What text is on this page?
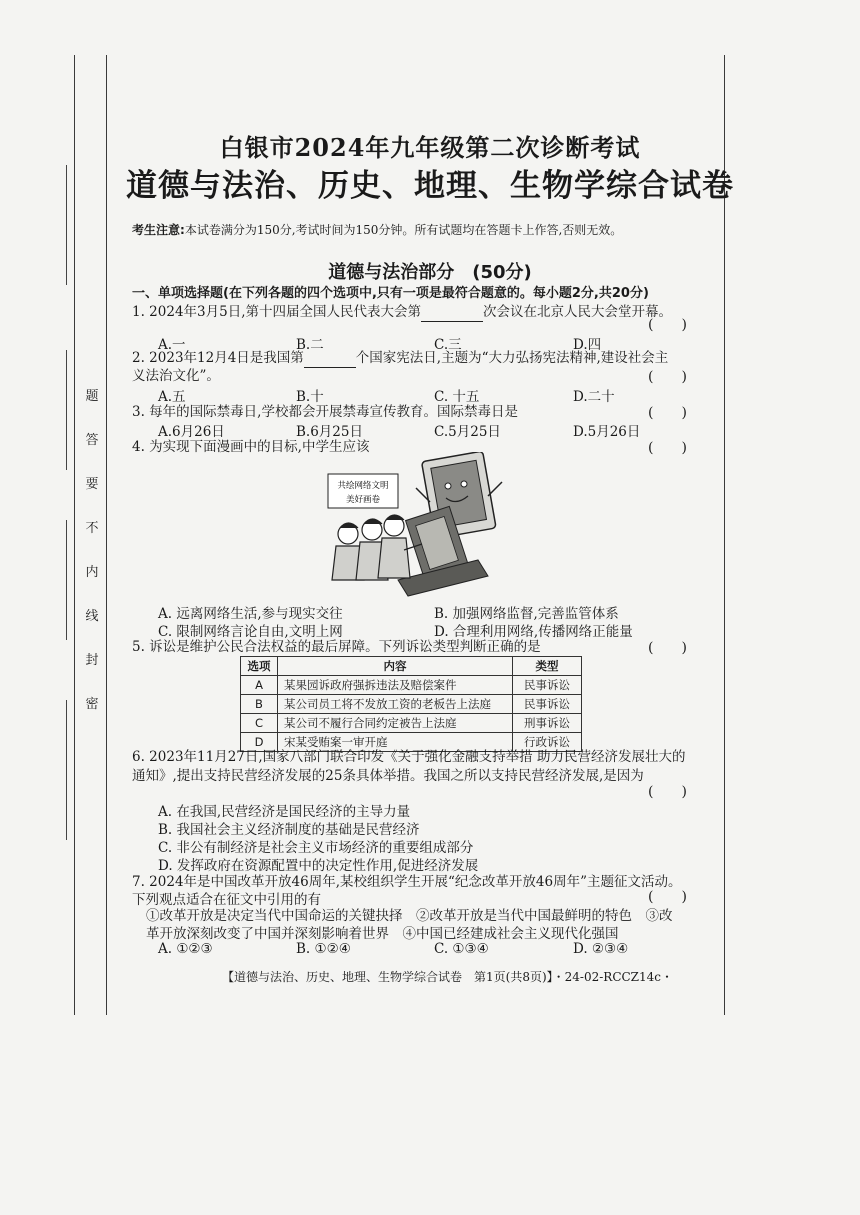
题
答
要
不
内
线
封
密
白银市2024年九年级第二次诊断考试
道德与法治、历史、地理、生物学综合试卷
考生注意:本试卷满分为150分,考试时间为150分钟。所有试题均在答题卡上作答,否则无效。
道德与法治部分　(50分)
一、单项选择题(在下列各题的四个选项中,只有一项是最符合题意的。每小题2分,共20分)
1. 2024年3月5日,第十四届全国人民代表大会第	次会议在北京人民大会堂开幕。
(　　)
A.一	B.二	C.三	D.四
2. 2023年12月4日是我国第	个国家宪法日,主题为“大力弘扬宪法精神,建设社会主
义法治文化”。	(　　)
A.五	B.十	C. 十五	D.二十
3. 每年的国际禁毒日,学校都会开展禁毒宣传教育。国际禁毒日是	(　　)
A.6月26日	B.6月25日	C.5月25日	D.5月26日
4. 为实现下面漫画中的目标,中学生应该	(　　)
共绘网络文明
美好画卷
A. 远离网络生活,参与现实交往	B. 加强网络监督,完善监管体系
C. 限制网络言论自由,文明上网	D. 合理利用网络,传播网络正能量
5. 诉讼是维护公民合法权益的最后屏障。下列诉讼类型判断正确的是	(　　)
选项	内容	类型
A	某果园诉政府强拆违法及赔偿案件	民事诉讼
B	某公司员工将不发放工资的老板告上法庭	民事诉讼
C	某公司不履行合同约定被告上法庭	刑事诉讼
D	宋某受贿案一审开庭	行政诉讼
6. 2023年11月27日,国家八部门联合印发《关于强化金融支持举措 助力民营经济发展壮大的
通知》,提出支持民营经济发展的25条具体举措。我国之所以支持民营经济发展,是因为
(　　)
A. 在我国,民营经济是国民经济的主导力量
B. 我国社会主义经济制度的基础是民营经济
C. 非公有制经济是社会主义市场经济的重要组成部分
D. 发挥政府在资源配置中的决定性作用,促进经济发展
7. 2024年是中国改革开放46周年,某校组织学生开展“纪念改革开放46周年”主题征文活动。
下列观点适合在征文中引用的有	(　　)
①改革开放是决定当代中国命运的关键抉择　②改革开放是当代中国最鲜明的特色　③改
革开放深刻改变了中国并深刻影响着世界　④中国已经建成社会主义现代化强国
A. ①②③	B. ①②④	C. ①③④	D. ②③④
【道德与法治、历史、地理、生物学综合试卷　第1页(共8页)】・24-02-RCCZ14c・
